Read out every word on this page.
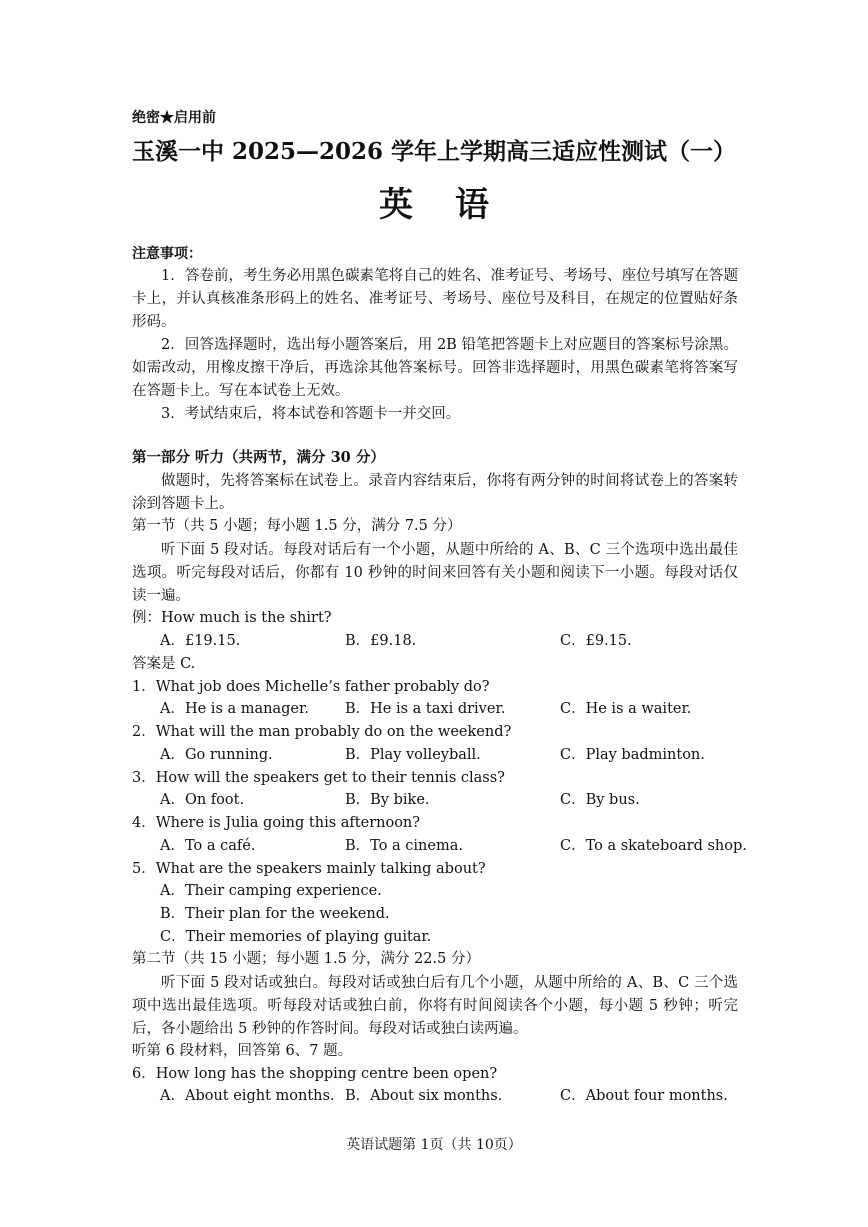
绝密★启用前
玉溪一中 2025—2026 学年上学期高三适应性测试（一）
英语
注意事项：
1．答卷前，考生务必用黑色碳素笔将自己的姓名、准考证号、考场号、座位号填写在答题卡上，并认真核准条形码上的姓名、准考证号、考场号、座位号及科目，在规定的位置贴好条形码。
2．回答选择题时，选出每小题答案后，用 2B 铅笔把答题卡上对应题目的答案标号涂黑。如需改动，用橡皮擦干净后，再选涂其他答案标号。回答非选择题时，用黑色碳素笔将答案写在答题卡上。写在本试卷上无效。
3．考试结束后，将本试卷和答题卡一并交回。
第一部分 听力（共两节，满分 30 分）
做题时，先将答案标在试卷上。录音内容结束后，你将有两分钟的时间将试卷上的答案转涂到答题卡上。
第一节（共 5 小题；每小题 1.5 分，满分 7.5 分）
听下面 5 段对话。每段对话后有一个小题，从题中所给的 A、B、C 三个选项中选出最佳选项。听完每段对话后，你都有 10 秒钟的时间来回答有关小题和阅读下一小题。每段对话仅读一遍。
例：How much is the shirt?
A．£19.15.	B．£9.18.	C．£9.15.
答案是 C.
1．What job does Michelle’s father probably do?
A．He is a manager. B．He is a taxi driver.	C．He is a waiter.
2．What will the man probably do on the weekend?
A．Go running.	B．Play volleyball.	C．Play badminton.
3．How will the speakers get to their tennis class?
A．On foot.	B．By bike.	C．By bus.
4．Where is Julia going this afternoon?
A．To a café.	B．To a cinema.	C．To a skateboard shop.
5．What are the speakers mainly talking about?
A．Their camping experience.
B．Their plan for the weekend.
C．Their memories of playing guitar.
第二节（共 15 小题；每小题 1.5 分，满分 22.5 分）
听下面 5 段对话或独白。每段对话或独白后有几个小题，从题中所给的 A、B、C 三个选项中选出最佳选项。听每段对话或独白前，你将有时间阅读各个小题，每小题 5 秒钟；听完后，各小题给出 5 秒钟的作答时间。每段对话或独白读两遍。
听第 6 段材料，回答第 6、7 题。
6．How long has the shopping centre been open?
A．About eight months. B．About six months.	C．About four months.
英语试题第 1页（共 10页）
